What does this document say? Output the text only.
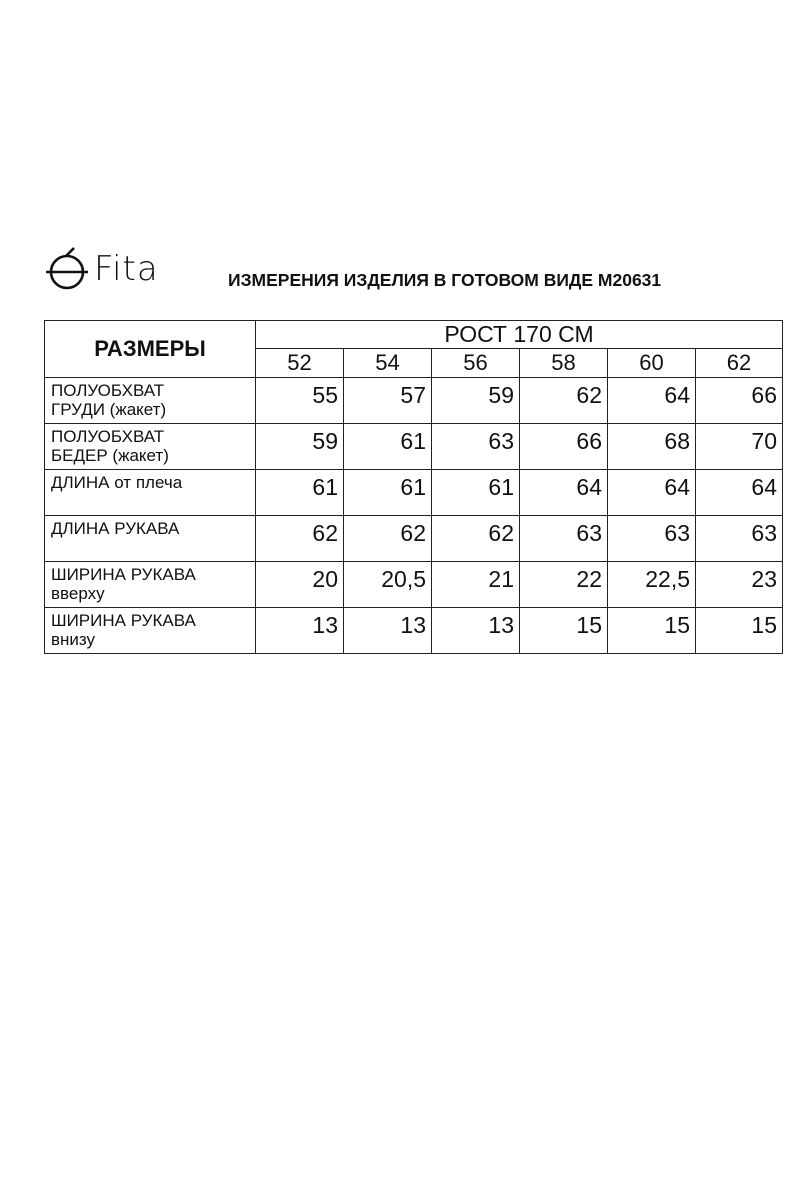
Fita	ИЗМЕРЕНИЯ ИЗДЕЛИЯ В ГОТОВОМ ВИДЕ М20631
РАЗМЕРЫ	РОСТ 170 СМ					
	52	54	56	58	60	62

ПОЛУОБХВАТ
ГРУДИ (жакет)	55	57	59	62	64	66

ПОЛУОБХВАТ
БЕДЕР (жакет)	59	61	63	66	68	70

ДЛИНА от плеча	61	61	61	64	64	64

ДЛИНА РУКАВА	62	62	62	63	63	63

ШИРИНА РУКАВА
вверху	20	20,5	21	22	22,5	23

ШИРИНА РУКАВА
внизу	13	13	13	15	15	15
